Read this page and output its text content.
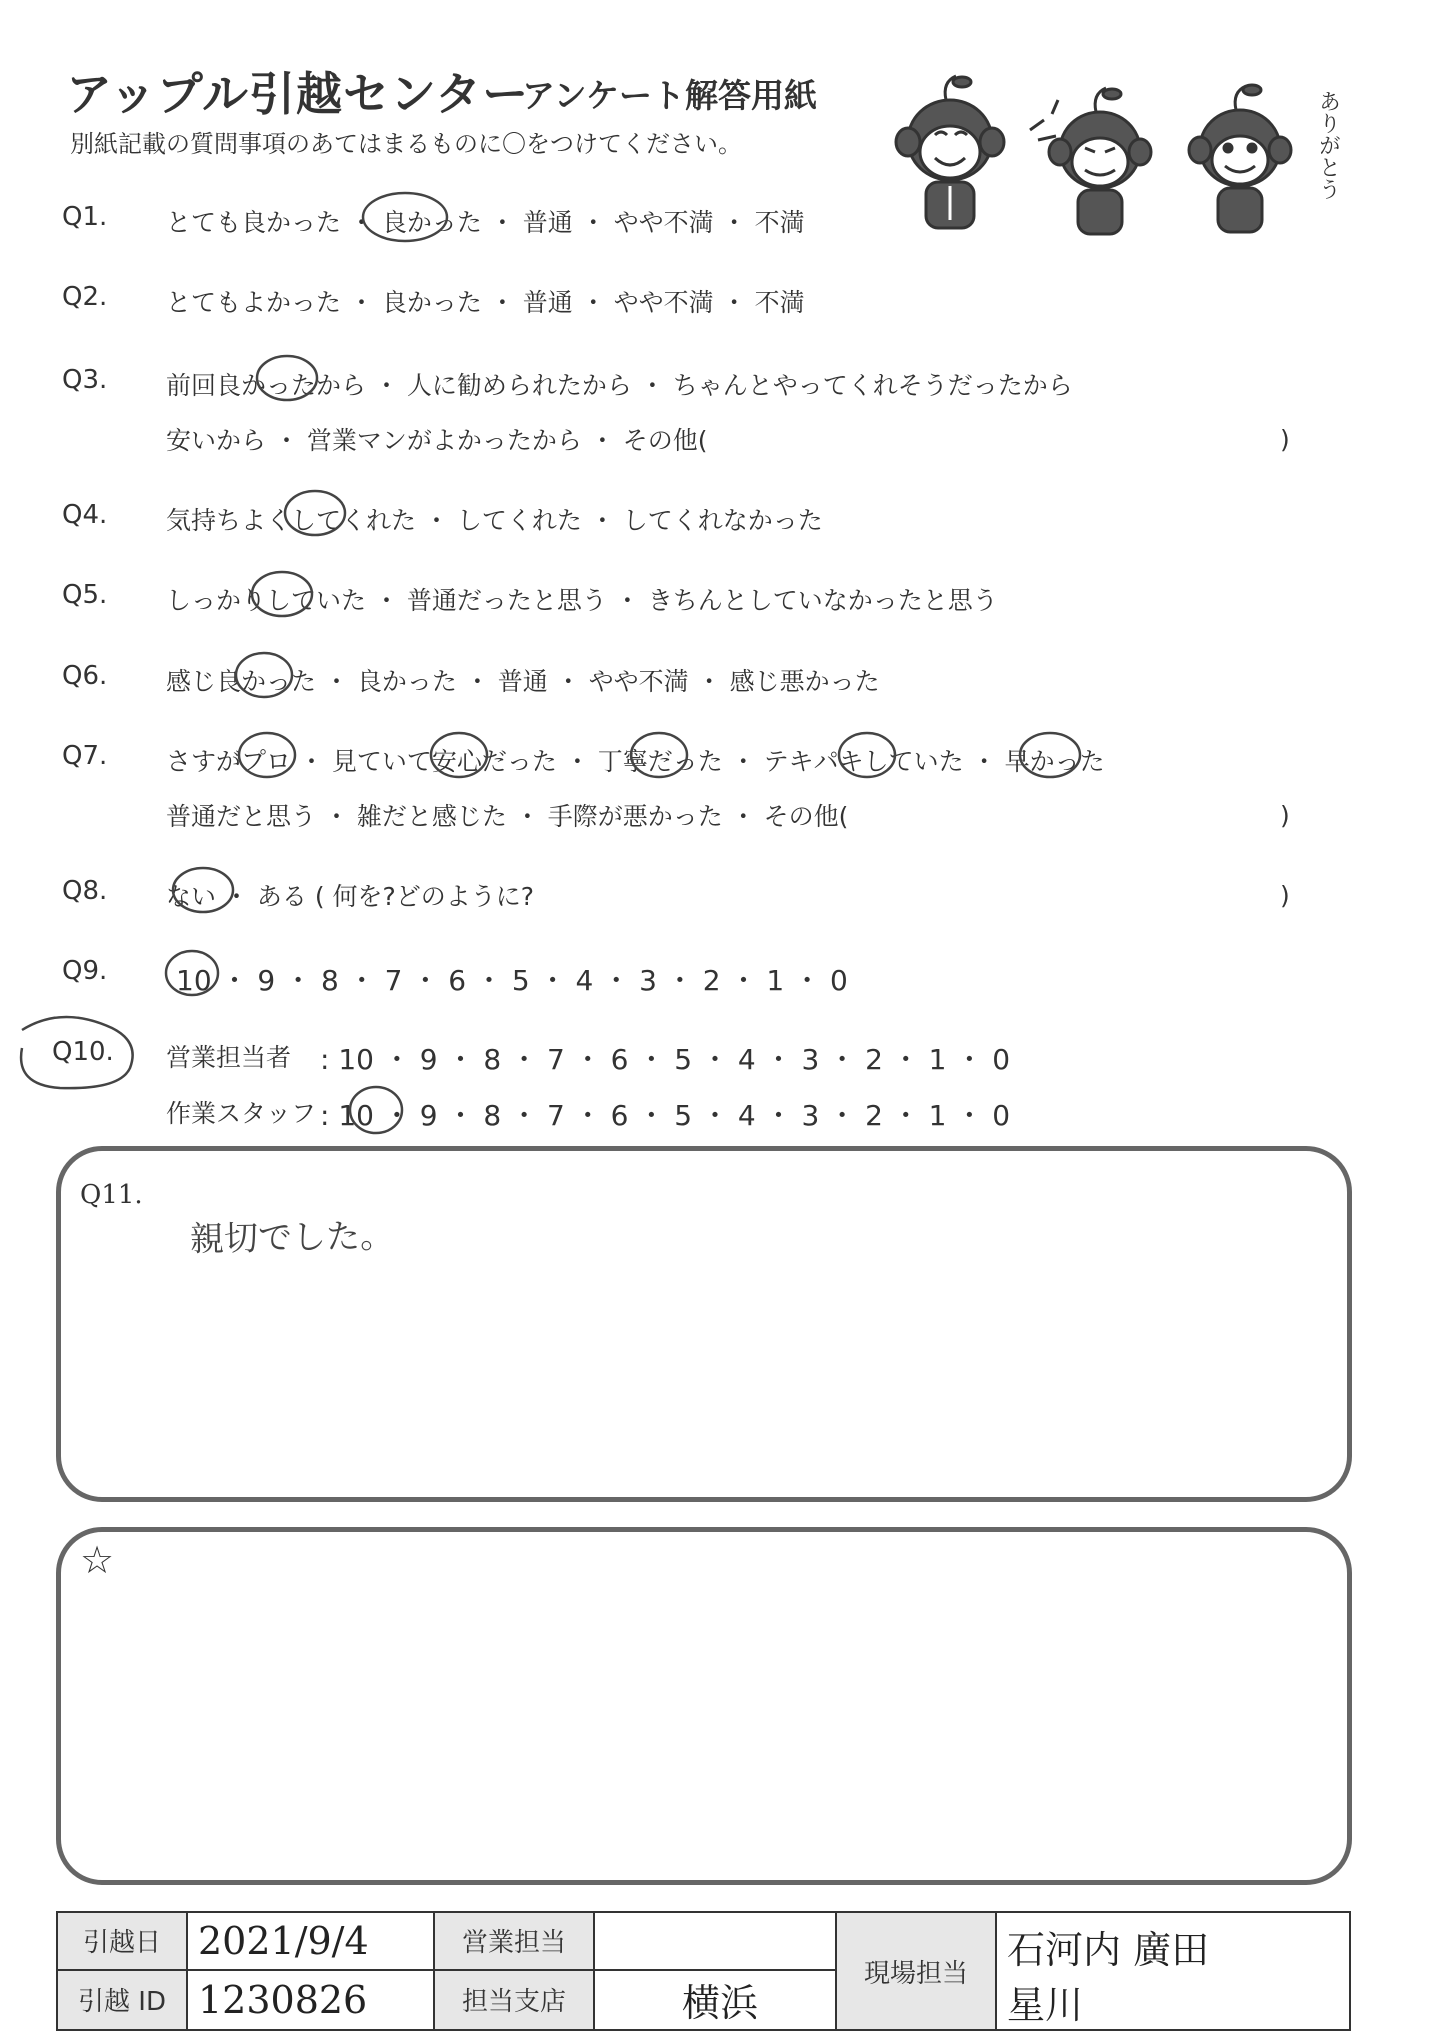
アップル引越センター
アンケート解答用紙
別紙記載の質問事項のあてはまるものに〇をつけてください。	ありがとう
Q1. とても良かった ・ 良かった ・ 普通 ・ やや不満 ・ 不満
Q2. とてもよかった ・ 良かった ・ 普通 ・ やや不満 ・ 不満
Q3. 前回良かったから ・ 人に勧められたから ・ ちゃんとやってくれそうだったから
安いから ・ 営業マンがよかったから ・ その他(	)
Q4. 気持ちよくしてくれた ・ してくれた ・ してくれなかった
Q5. しっかりしていた ・ 普通だったと思う ・ きちんとしていなかったと思う
Q6. 感じ良かった ・ 良かった ・ 普通 ・ やや不満 ・ 感じ悪かった
Q7. さすがプロ ・ 見ていて安心だった ・ 丁寧だった ・ テキパキしていた ・ 早かった
普通だと思う ・ 雑だと感じた ・ 手際が悪かった ・ その他(	)
Q8. ない ・ ある ( 何を?どのように?	)
Q9. 10 ・ 9 ・ 8 ・ 7 ・ 6 ・ 5 ・ 4 ・ 3 ・ 2 ・ 1 ・ 0
Q10. 営業担当者 : 10 ・ 9 ・ 8 ・ 7 ・ 6 ・ 5 ・ 4 ・ 3 ・ 2 ・ 1 ・ 0
作業スタッフ : 10 ・ 9 ・ 8 ・ 7 ・ 6 ・ 5 ・ 4 ・ 3 ・ 2 ・ 1 ・ 0
Q11.
親切でした。
☆
引越日	2021/9/4	営業担当		現場担当	石河内 廣田
星川

引越 ID	1230826	担当支店	横浜		
